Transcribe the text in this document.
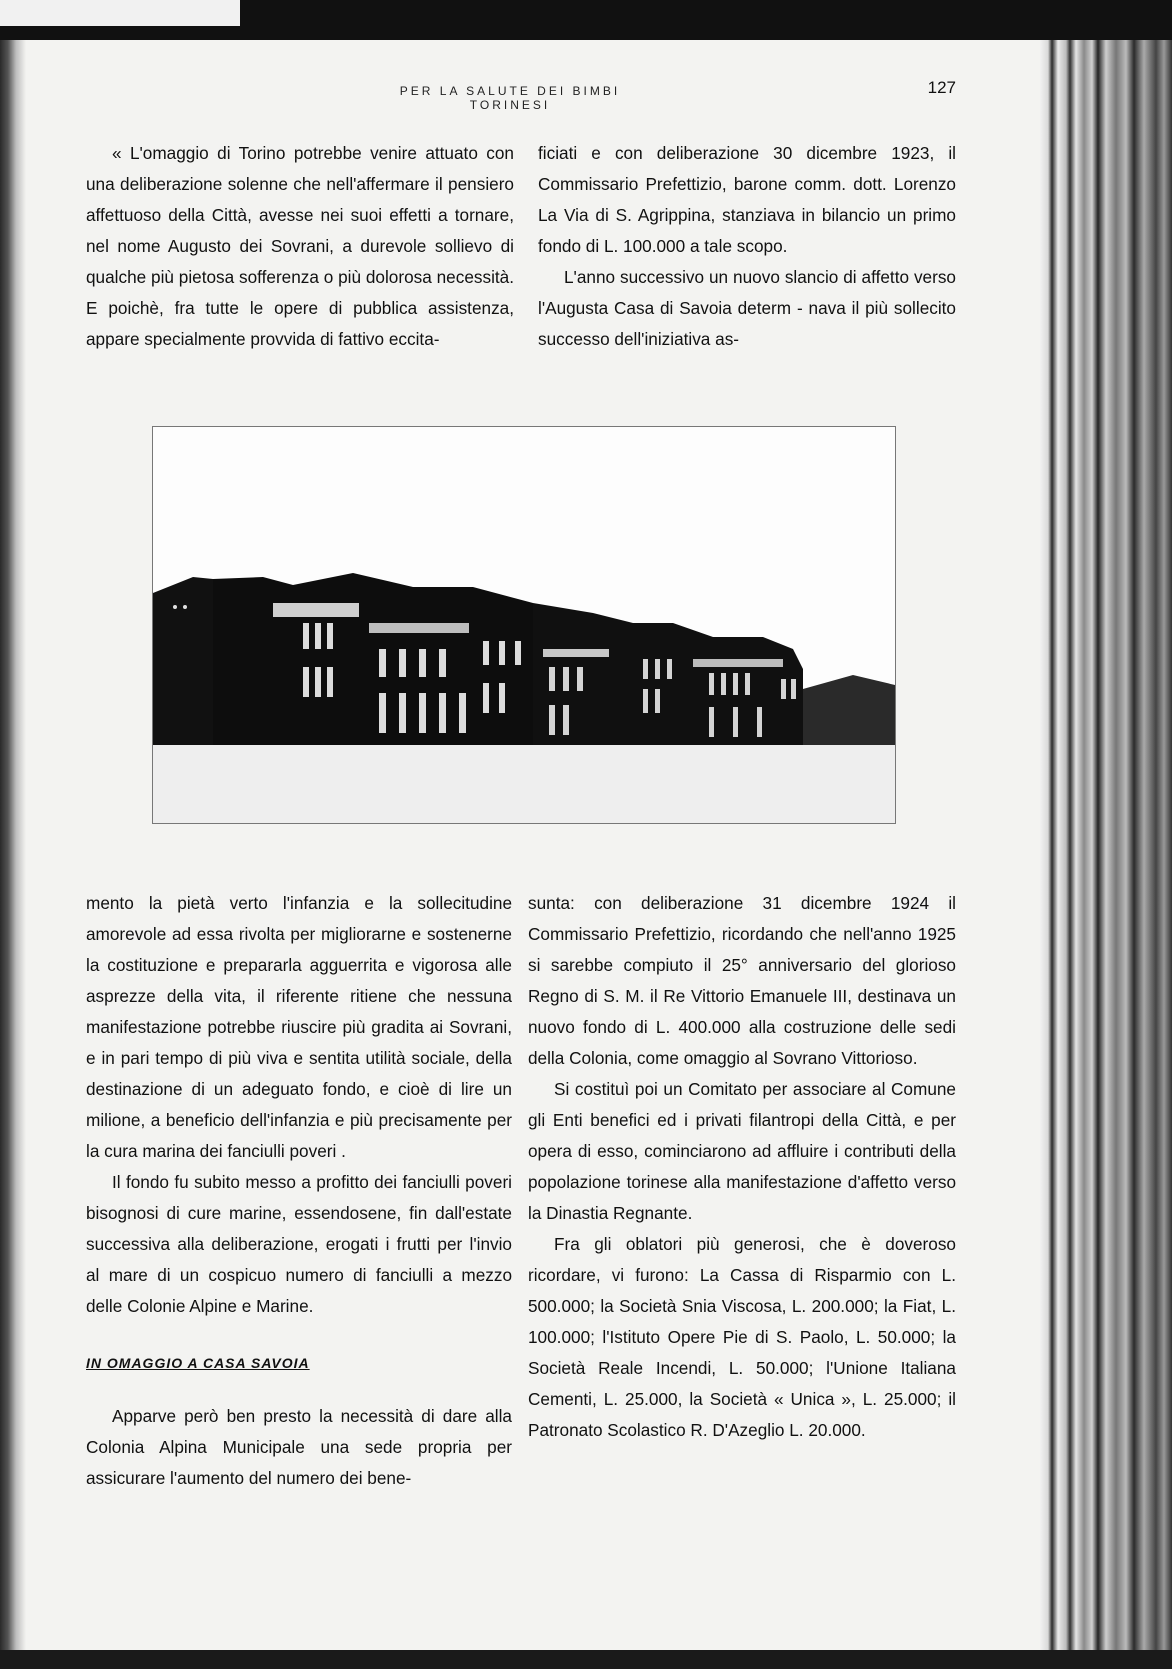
PER LA SALUTE DEI BIMBI TORINESI
127

« L'omaggio di Torino potrebbe venire attuato con una deliberazione solenne che nell'affermare il pensiero affettuoso della Città, avesse nei suoi effetti a tornare, nel nome Augusto dei Sovrani, a durevole sollievo di qualche più pietosa sofferenza o più dolorosa necessità. E poichè, fra tutte le opere di pubblica assistenza, appare specialmente provvida di fattivo eccita-

ficiati e con deliberazione 30 dicembre 1923, il Commissario Prefettizio, barone comm. dott. Lorenzo La Via di S. Agrippina, stanziava in bilancio un primo fondo di L. 100.000 a tale scopo.

L'anno successivo un nuovo slancio di affetto verso l'Augusta Casa di Savoia determ - nava il più sollecito successo dell'iniziativa as-

mento la pietà verto l'infanzia e la sollecitudine amorevole ad essa rivolta per migliorarne e sostenerne la costituzione e prepararla agguerrita e vigorosa alle asprezze della vita, il riferente ritiene che nessuna manifestazione potrebbe riuscire più gradita ai Sovrani, e in pari tempo di più viva e sentita utilità sociale, della destinazione di un adeguato fondo, e cioè di lire un milione, a beneficio dell'infanzia e più precisamente per la cura marina dei fanciulli poveri .

Il fondo fu subito messo a profitto dei fanciulli poveri bisognosi di cure marine, essendosene, fin dall'estate successiva alla deliberazione, erogati i frutti per l'invio al mare di un cospicuo numero di fanciulli a mezzo delle Colonie Alpine e Marine.

IN OMAGGIO A CASA SAVOIA

Apparve però ben presto la necessità di dare alla Colonia Alpina Municipale una sede propria per assicurare l'aumento del numero dei bene-

sunta: con deliberazione 31 dicembre 1924 il Commissario Prefettizio, ricordando che nell'anno 1925 si sarebbe compiuto il 25° anniversario del glorioso Regno di S. M. il Re Vittorio Emanuele III, destinava un nuovo fondo di L. 400.000 alla costruzione delle sedi della Colonia, come omaggio al Sovrano Vittorioso.

Si costituì poi un Comitato per associare al Comune gli Enti benefici ed i privati filantropi della Città, e per opera di esso, cominciarono ad affluire i contributi della popolazione torinese alla manifestazione d'affetto verso la Dinastia Regnante.

Fra gli oblatori più generosi, che è doveroso ricordare, vi furono: La Cassa di Risparmio con L. 500.000; la Società Snia Viscosa, L. 200.000; la Fiat, L. 100.000; l'Istituto Opere Pie di S. Paolo, L. 50.000; la Società Reale Incendi, L. 50.000; l'Unione Italiana Cementi, L. 25.000, la Società « Unica », L. 25.000; il Patronato Scolastico R. D'Azeglio L. 20.000.
